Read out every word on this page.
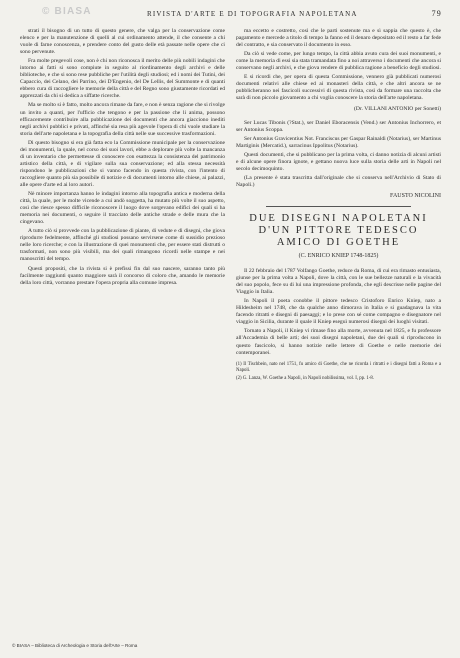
© BIASA	RIVISTA D'ARTE E DI TOPOGRAFIA NAPOLETANA	79

strati il bisogno di un tutto di questo genere, che valga per la conservazione come elenco e per la manutenzione di quelli al cui ordinamento attende, il che consente a chi vuole di farne conoscenza, e prendere conto del gusto delle età passate nelle opere che ci sono pervenute.

Fra molte pregevoli cose, non è chi non riconosca il merito delle più nobili indagini che intorno ai fatti si sono compiute in seguito al riordinamento degli archivi e delle biblioteche, e che si sono rese pubbliche per l'utilità degli studiosi; ed i nomi dei Tutini, dei Capaccio, dei Celano, dei Parrino, dei D'Engenio, del De Lellis, del Summonte e di quanti ebbero cura di raccogliere le memorie della città e del Regno sono giustamente ricordati ed apprezzati da chi si dedica a siffatte ricerche.

Ma se molto si è fatto, molto ancora rimane da fare, e non è senza ragione che si rivolge un invito a quanti, per l'ufficio che tengono e per la passione che li anima, possono efficacemente contribuire alla pubblicazione dei documenti che ancora giacciono inediti negli archivi pubblici e privati, affinché sia resa più agevole l'opera di chi vuole studiare la storia dell'arte napoletana e la topografia della città nelle sue successive trasformazioni.

Di questo bisogno si era già fatta eco la Commissione municipale per la conservazione dei monumenti, la quale, nel corso dei suoi lavori, ebbe a deplorare più volte la mancanza di un inventario che permettesse di conoscere con esattezza la consistenza del patrimonio artistico della città, e di vigilare sulla sua conservazione; ed alla stessa necessità rispondono le pubblicazioni che si vanno facendo in questa rivista, con l'intento di raccogliere quanto più sia possibile di notizie e di documenti intorno alle chiese, ai palazzi, alle opere d'arte ed ai loro autori.

Nè minore importanza hanno le indagini intorno alla topografia antica e moderna della città, la quale, per le molte vicende a cui andò soggetta, ha mutato più volte il suo aspetto, così che riesce spesso difficile riconoscere il luogo dove sorgevano edifici dei quali si ha memoria nei documenti, o seguire il tracciato delle antiche strade e delle mura che la cingevano.

A tutto ciò si provvede con la pubblicazione di piante, di vedute e di disegni, che giova riprodurre fedelmente, affinché gli studiosi possano servirsene come di sussidio prezioso nelle loro ricerche; e con la illustrazione di quei monumenti che, per essere stati distrutti o trasformati, non sono più visibili, ma dei quali rimangono ricordi nelle stampe e nei manoscritti del tempo.

Questi propositi, che la rivista si è prefissi fin dal suo nascere, saranno tanto più facilmente raggiunti quanto maggiore sarà il concorso di coloro che, amando le memorie della loro città, vorranno prestare l'opera propria alla comune impresa.

ma eccetto e costretto, così che le parti sostenute ma e sì sappia che questo è, che pagamento e mercede a titolo di tempo la fanno ed il denaro depositato ed il resto a far fede del contratto, e sia conservato il documento in esso.

Da ciò si vede come, per lungo tempo, la città abbia avuto cura dei suoi monumenti, e come la memoria di essi sia stata tramandata fino a noi attraverso i documenti che ancora si conservano negli archivi, e che giova rendere di pubblica ragione a beneficio degli studiosi.

E si ricordi che, per opera di questa Commissione, vennero già pubblicati numerosi documenti relativi alle chiese ed ai monasteri della città, e che altri ancora se ne pubblicheranno nei fascicoli successivi di questa rivista, così da formare una raccolta che sarà di non piccolo giovamento a chi voglia conoscere la storia dell'arte napoletana.

(Dr. VILLANI ANTONIO per Sonetti)

Ser Lucas Tibonis (?Stat.), ser Daniel Eboracensis (Vend.) ser Antonius Inchorrero, et ser Antonius Scoppa.

Ser Antonius Gravicentius Not. Franciscus per Gaspar Rainaldi (Notarius), ser Martinus Martiginis (Mercatid.), sarracinus Ippolitus (Notarius).

Questi documenti, che si pubblicano per la prima volta, ci danno notizia di alcuni artisti e di alcune opere finora ignote, e gettano nuova luce sulla storia delle arti in Napoli nel secolo decimoquinto.

(La presente è stata trascritta dall'originale che si conserva nell'Archivio di Stato di Napoli.)

FAUSTO NICOLINI
DUE DISEGNI NAPOLETANI D'UN PITTORE TEDESCO AMICO DI GOETHE
(C. ENRICO KNIEP 1748-1825)

Il 22 febbraio del 1787 Volfango Goethe, reduce da Roma, di cui era rimasto entusiasta, giunse per la prima volta a Napoli, dove la città, con le sue bellezze naturali e la vivacità del suo popolo, fece su di lui una impressione profonda, che egli descrisse nelle pagine del Viaggio in Italia.

In Napoli il poeta conobbe il pittore tedesco Cristoforo Enrico Kniep, nato a Hildesheim nel 1748, che da qualche anno dimorava in Italia e si guadagnava la vita facendo ritratti e disegni di paesaggi; e lo prese con sé come compagno e disegnatore nel viaggio in Sicilia, durante il quale il Kniep eseguì numerosi disegni dei luoghi visitati.

Tornato a Napoli, il Kniep vi rimase fino alla morte, avvenuta nel 1825, e fu professore all'Accademia di belle arti; dei suoi disegni napoletani, due dei quali si riproducono in questo fascicolo, si hanno notizie nelle lettere di Goethe e nelle memorie dei contemporanei.

(1) Il Tischbein, nato nel 1751, fu amico di Goethe, che ne ricorda i ritratti e i disegni fatti a Roma e a Napoli.

(2) G. Lanza, W. Goethe a Napoli, in Napoli nobilissima, vol. I, pp. 1-8.

© BIASA – Biblioteca di Archeologia e Storia dell'Arte – Roma
